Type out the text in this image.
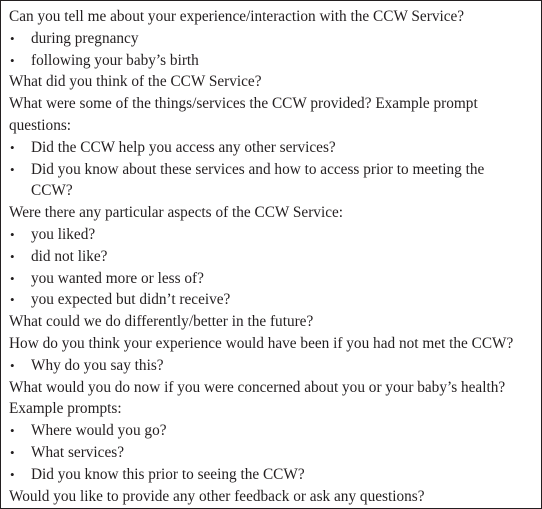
Can you tell me about your experience/interaction with the CCW Service?
• during pregnancy
• following your baby’s birth
What did you think of the CCW Service?
What were some of the things/services the CCW provided? Example prompt
questions:
• Did the CCW help you access any other services?
• Did you know about these services and how to access prior to meeting the
CCW?
Were there any particular aspects of the CCW Service:
• you liked?
• did not like?
• you wanted more or less of?
• you expected but didn’t receive?
What could we do differently/better in the future?
How do you think your experience would have been if you had not met the CCW?
• Why do you say this?
What would you do now if you were concerned about you or your baby’s health?
Example prompts:
• Where would you go?
• What services?
• Did you know this prior to seeing the CCW?
Would you like to provide any other feedback or ask any questions?
